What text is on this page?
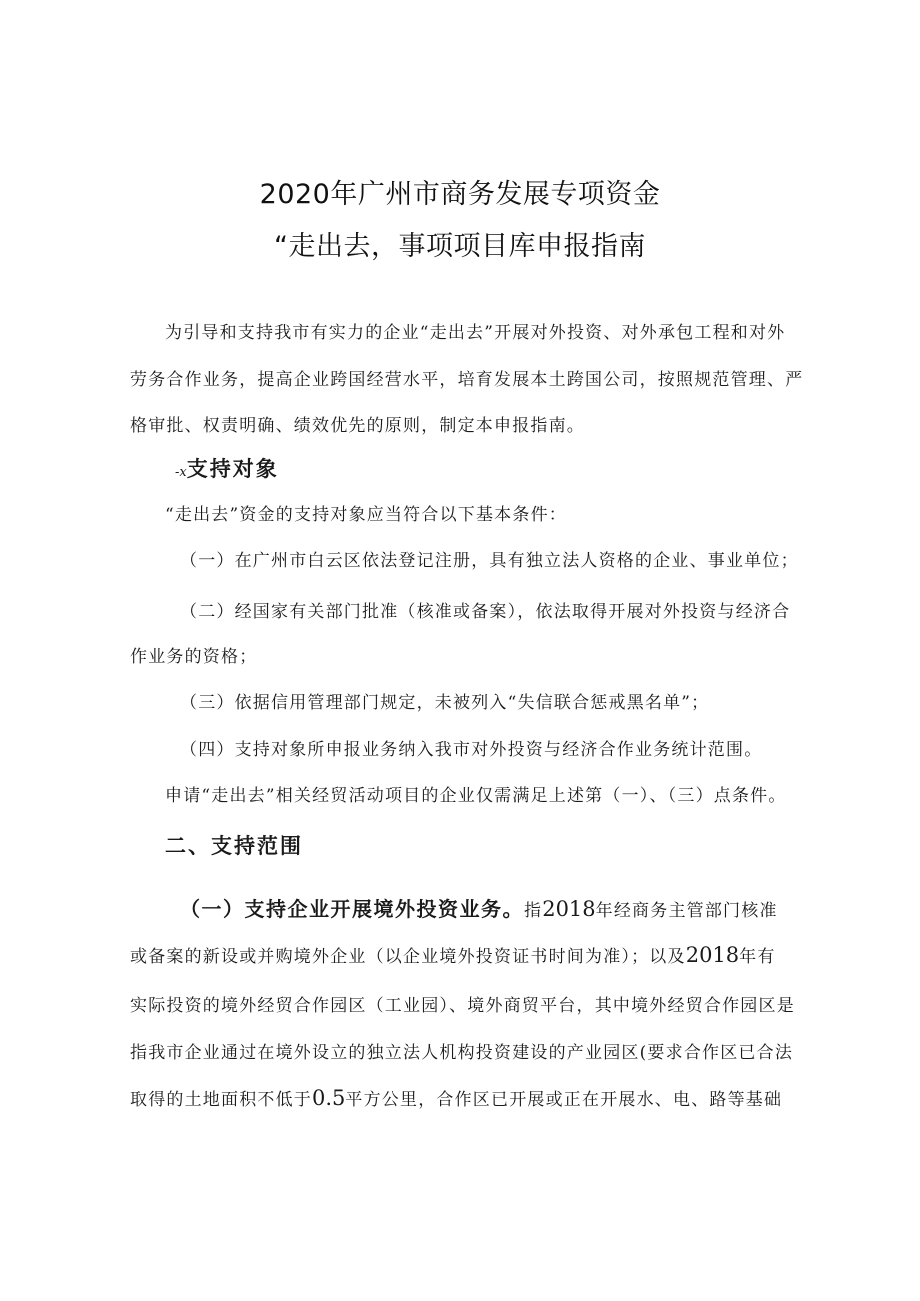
2020年广州市商务发展专项资金
“走出去，事项项目库申报指南
为引导和支持我市有实力的企业“走出去”开展对外投资、对外承包工程和对外
劳务合作业务，提高企业跨国经营水平，培育发展本土跨国公司，按照规范管理、严
格审批、权责明确、绩效优先的原则，制定本申报指南。
-x支持对象
“走出去”资金的支持对象应当符合以下基本条件：
（一）在广州市白云区依法登记注册，具有独立法人资格的企业、事业单位；
（二）经国家有关部门批准（核准或备案），依法取得开展对外投资与经济合
作业务的资格；
（三）依据信用管理部门规定，未被列入“失信联合惩戒黑名单”；
（四）支持对象所申报业务纳入我市对外投资与经济合作业务统计范围。
申请“走出去”相关经贸活动项目的企业仅需满足上述第（一）、（三）点条件。
二、支持范围
（一）支持企业开展境外投资业务。指2018年经商务主管部门核准
或备案的新设或并购境外企业（以企业境外投资证书时间为准）；以及2018年有
实际投资的境外经贸合作园区（工业园）、境外商贸平台，其中境外经贸合作园区是
指我市企业通过在境外设立的独立法人机构投资建设的产业园区(要求合作区已合法
取得的土地面积不低于0.5平方公里，合作区已开展或正在开展水、电、路等基础
